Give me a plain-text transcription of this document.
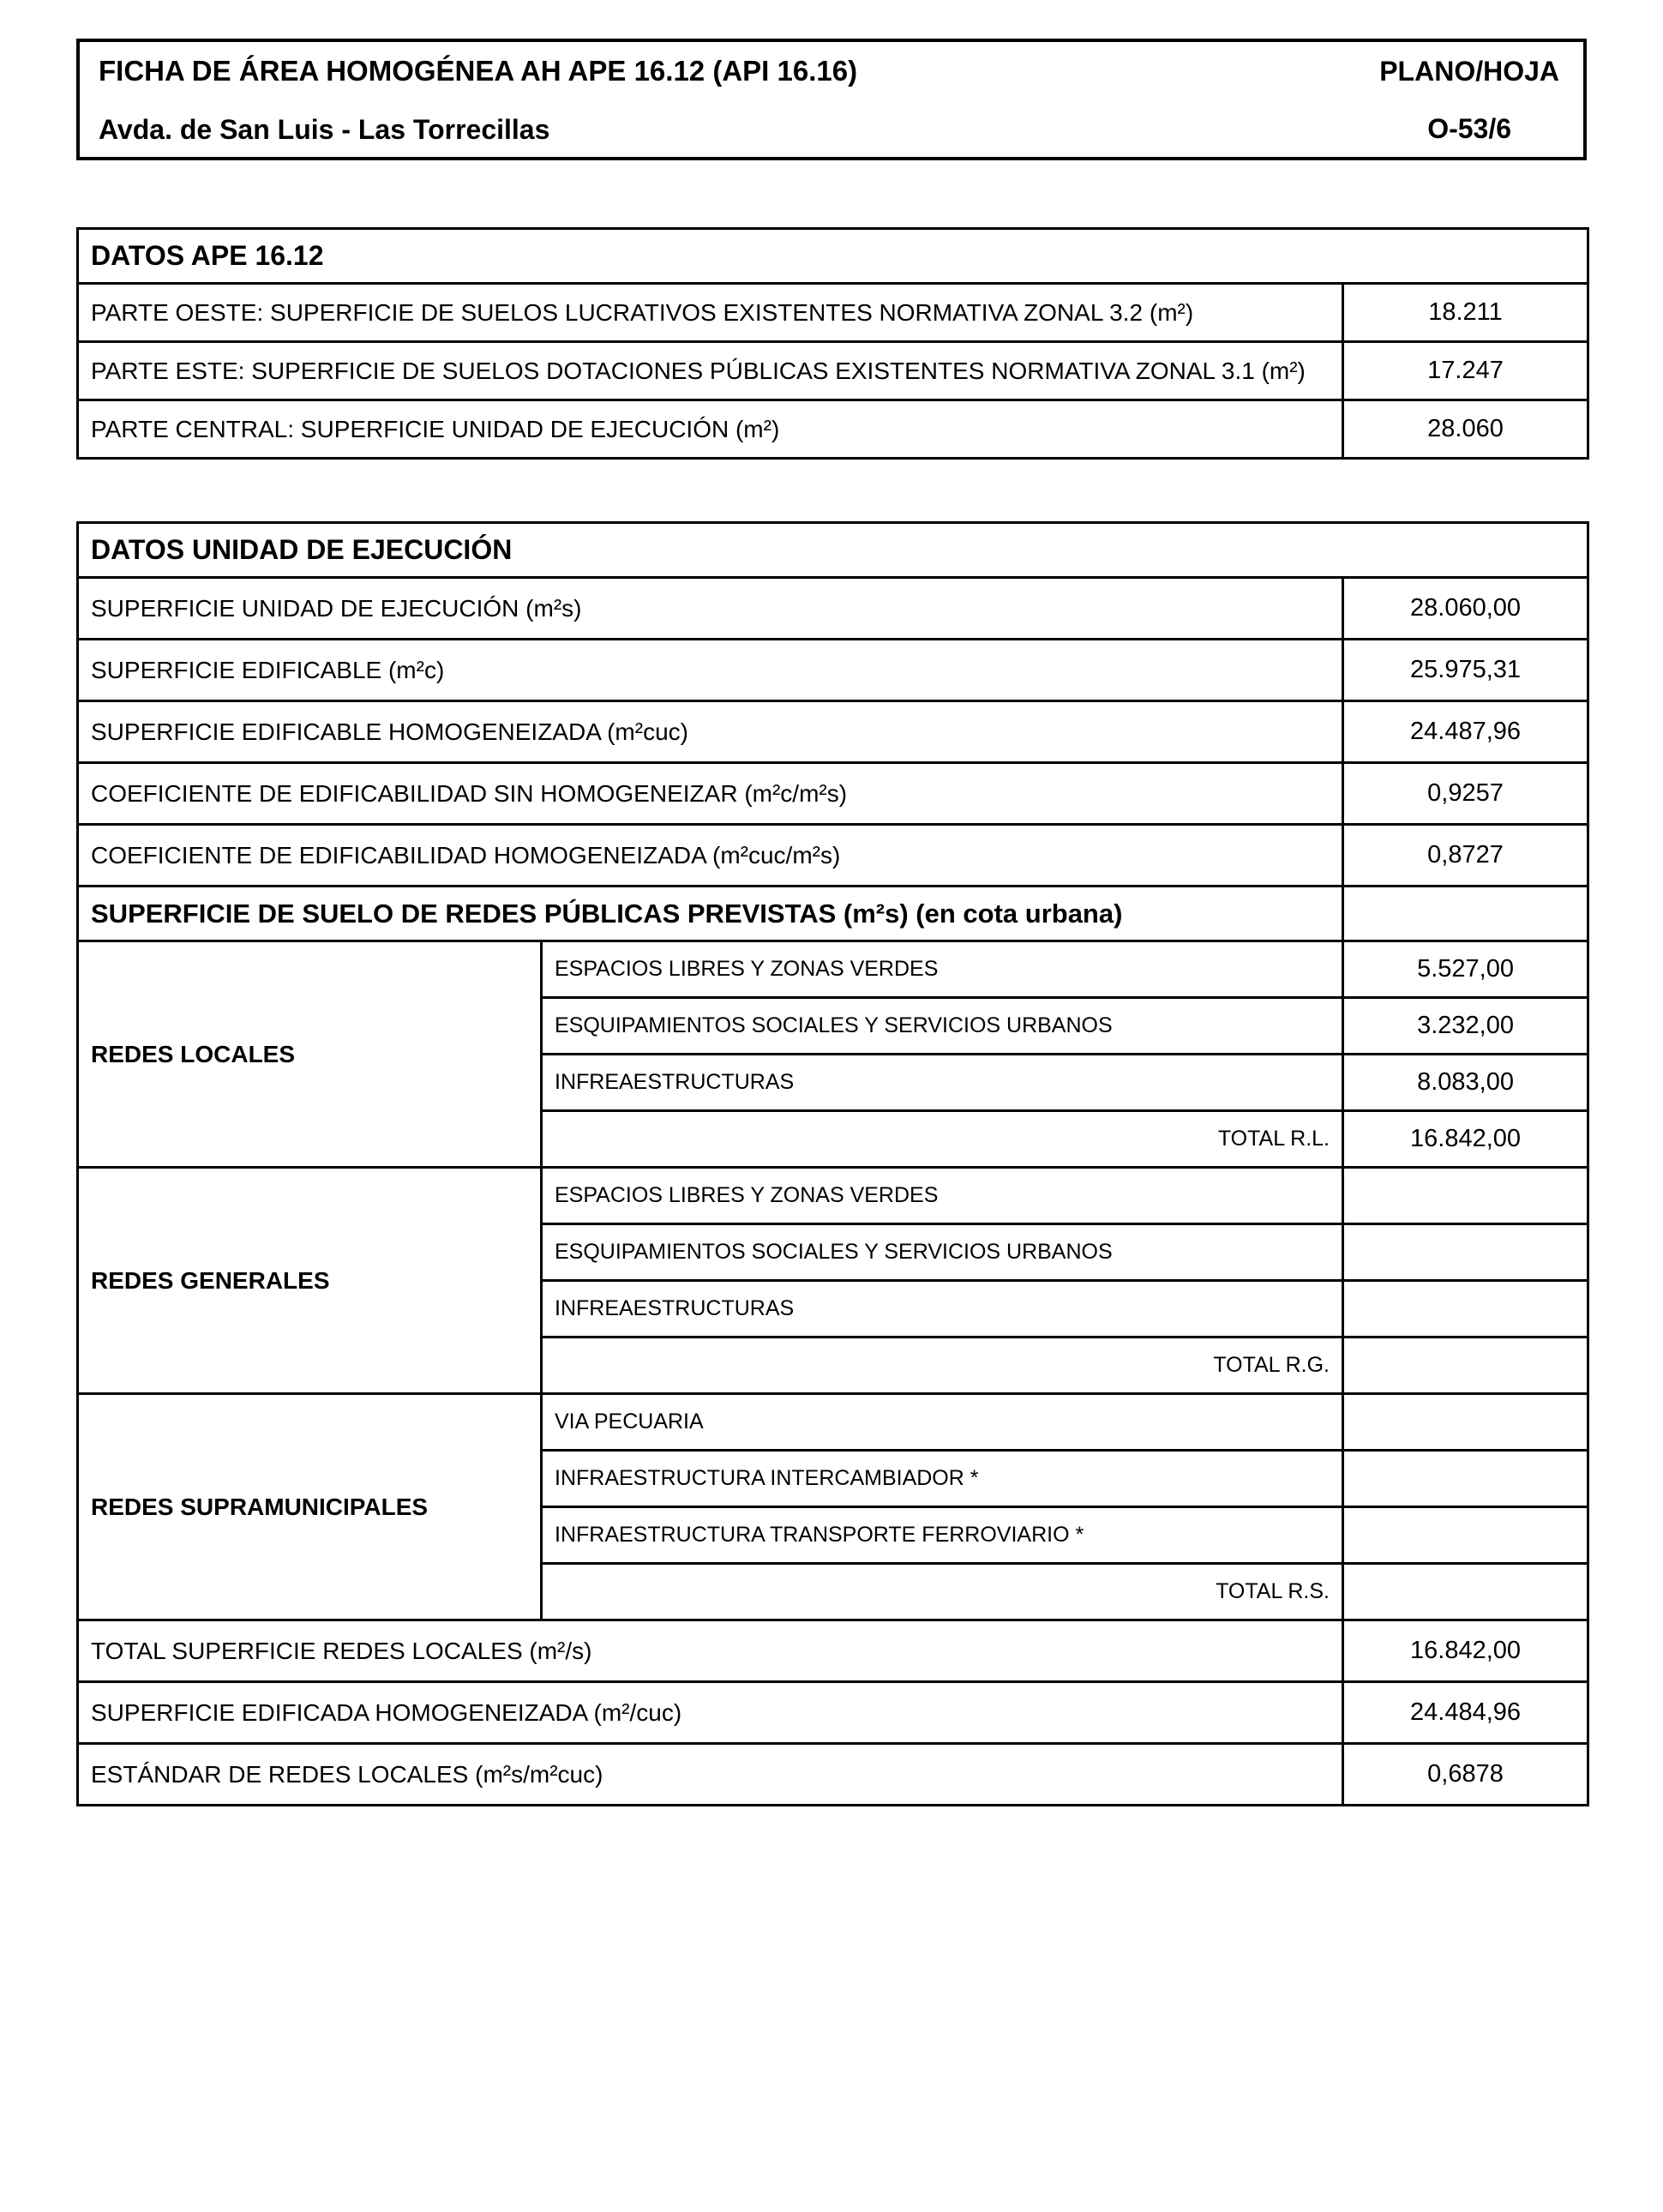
FICHA DE ÁREA HOMOGÉNEA AH APE 16.12 (API 16.16)
Avda. de San Luis - Las Torrecillas
PLANO/HOJA
O-53/6
DATOS APE 16.12	
PARTE OESTE: SUPERFICIE DE SUELOS LUCRATIVOS EXISTENTES NORMATIVA ZONAL 3.2 (m²)	18.211
PARTE ESTE: SUPERFICIE DE SUELOS DOTACIONES PÚBLICAS EXISTENTES NORMATIVA ZONAL 3.1 (m²)	17.247
PARTE CENTRAL: SUPERFICIE UNIDAD DE EJECUCIÓN (m²)	28.060
DATOS UNIDAD DE EJECUCIÓN		
SUPERFICIE UNIDAD DE EJECUCIÓN (m²s)		28.060,00
SUPERFICIE EDIFICABLE (m²c)		25.975,31
SUPERFICIE EDIFICABLE HOMOGENEIZADA (m²cuc)		24.487,96
COEFICIENTE DE EDIFICABILIDAD SIN HOMOGENEIZAR (m²c/m²s)		0,9257
COEFICIENTE DE EDIFICABILIDAD HOMOGENEIZADA (m²cuc/m²s)		0,8727
SUPERFICIE DE SUELO DE REDES PÚBLICAS PREVISTAS (m²s) (en cota urbana)		
REDES LOCALES	ESPACIOS LIBRES Y ZONAS VERDES	5.527,00
	ESQUIPAMIENTOS SOCIALES Y SERVICIOS URBANOS	3.232,00
	INFREAESTRUCTURAS	8.083,00
	TOTAL R.L.	16.842,00
REDES GENERALES	ESPACIOS LIBRES Y ZONAS VERDES	
	ESQUIPAMIENTOS SOCIALES Y SERVICIOS URBANOS	
	INFREAESTRUCTURAS	
	TOTAL R.G.	
REDES SUPRAMUNICIPALES	VIA PECUARIA	
	INFRAESTRUCTURA INTERCAMBIADOR *	
	INFRAESTRUCTURA TRANSPORTE FERROVIARIO *	
	TOTAL R.S.	
TOTAL SUPERFICIE REDES LOCALES (m²/s)		16.842,00
SUPERFICIE EDIFICADA HOMOGENEIZADA (m²/cuc)		24.484,96
ESTÁNDAR DE REDES LOCALES (m²s/m²cuc)		0,6878
